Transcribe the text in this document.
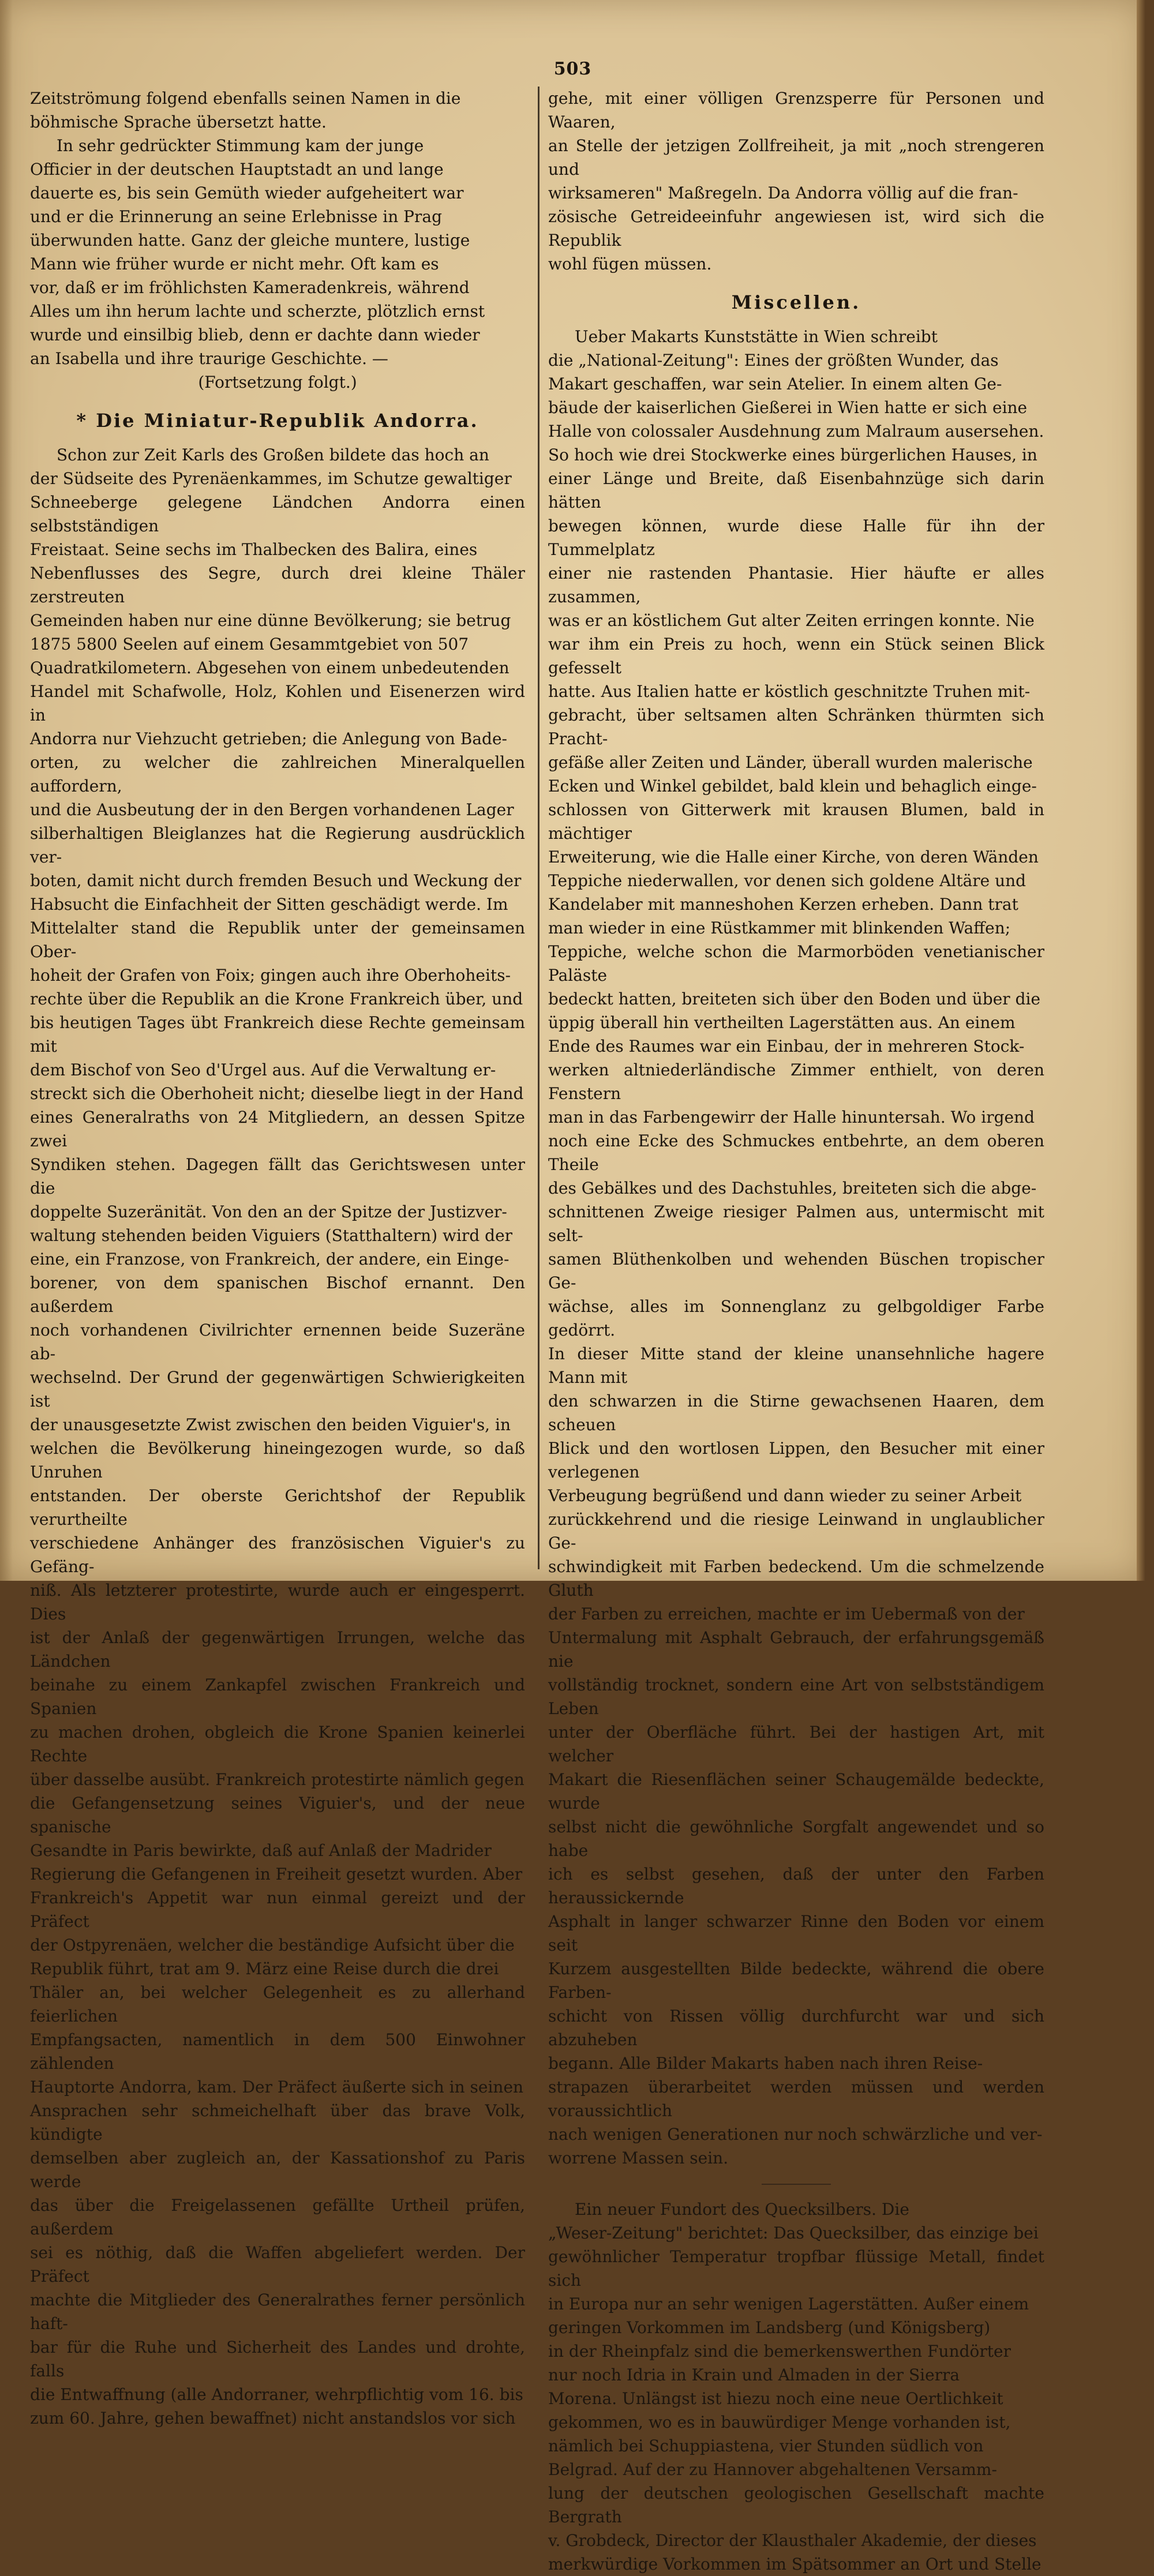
503

Zeitströmung folgend ebenfalls seinen Namen in die
böhmische Sprache übersetzt hatte.

In sehr gedrückter Stimmung kam der junge
Officier in der deutschen Hauptstadt an und lange
dauerte es, bis sein Gemüth wieder aufgeheitert war
und er die Erinnerung an seine Erlebnisse in Prag
überwunden hatte. Ganz der gleiche muntere, lustige
Mann wie früher wurde er nicht mehr. Oft kam es
vor, daß er im fröhlichsten Kameradenkreis, während
Alles um ihn herum lachte und scherzte, plötzlich ernst
wurde und einsilbig blieb, denn er dachte dann wieder
an Isabella und ihre traurige Geschichte. —

(Fortsetzung folgt.)
* Die Miniatur-Republik Andorra.

Schon zur Zeit Karls des Großen bildete das hoch an
der Südseite des Pyrenäenkammes, im Schutze gewaltiger
Schneeberge gelegene Ländchen Andorra einen selbstständigen
Freistaat. Seine sechs im Thalbecken des Balira, eines
Nebenflusses des Segre, durch drei kleine Thäler zerstreuten
Gemeinden haben nur eine dünne Bevölkerung; sie betrug
1875 5800 Seelen auf einem Gesammtgebiet von 507
Quadratkilometern. Abgesehen von einem unbedeutenden
Handel mit Schafwolle, Holz, Kohlen und Eisenerzen wird in
Andorra nur Viehzucht getrieben; die Anlegung von Bade-
orten, zu welcher die zahlreichen Mineralquellen auffordern,
und die Ausbeutung der in den Bergen vorhandenen Lager
silberhaltigen Bleiglanzes hat die Regierung ausdrücklich ver-
boten, damit nicht durch fremden Besuch und Weckung der
Habsucht die Einfachheit der Sitten geschädigt werde. Im
Mittelalter stand die Republik unter der gemeinsamen Ober-
hoheit der Grafen von Foix; gingen auch ihre Oberhoheits-
rechte über die Republik an die Krone Frankreich über, und
bis heutigen Tages übt Frankreich diese Rechte gemeinsam mit
dem Bischof von Seo d'Urgel aus. Auf die Verwaltung er-
streckt sich die Oberhoheit nicht; dieselbe liegt in der Hand
eines Generalraths von 24 Mitgliedern, an dessen Spitze zwei
Syndiken stehen. Dagegen fällt das Gerichtswesen unter die
doppelte Suzeränität. Von den an der Spitze der Justizver-
waltung stehenden beiden Viguiers (Statthaltern) wird der
eine, ein Franzose, von Frankreich, der andere, ein Einge-
borener, von dem spanischen Bischof ernannt. Den außerdem
noch vorhandenen Civilrichter ernennen beide Suzeräne ab-
wechselnd. Der Grund der gegenwärtigen Schwierigkeiten ist
der unausgesetzte Zwist zwischen den beiden Viguier's, in
welchen die Bevölkerung hineingezogen wurde, so daß Unruhen
entstanden. Der oberste Gerichtshof der Republik verurtheilte
verschiedene Anhänger des französischen Viguier's zu Gefäng-
niß. Als letzterer protestirte, wurde auch er eingesperrt. Dies
ist der Anlaß der gegenwärtigen Irrungen, welche das Ländchen
beinahe zu einem Zankapfel zwischen Frankreich und Spanien
zu machen drohen, obgleich die Krone Spanien keinerlei Rechte
über dasselbe ausübt. Frankreich protestirte nämlich gegen
die Gefangensetzung seines Viguier's, und der neue spanische
Gesandte in Paris bewirkte, daß auf Anlaß der Madrider
Regierung die Gefangenen in Freiheit gesetzt wurden. Aber
Frankreich's Appetit war nun einmal gereizt und der Präfect
der Ostpyrenäen, welcher die beständige Aufsicht über die
Republik führt, trat am 9. März eine Reise durch die drei
Thäler an, bei welcher Gelegenheit es zu allerhand feierlichen
Empfangsacten, namentlich in dem 500 Einwohner zählenden
Hauptorte Andorra, kam. Der Präfect äußerte sich in seinen
Ansprachen sehr schmeichelhaft über das brave Volk, kündigte
demselben aber zugleich an, der Kassationshof zu Paris werde
das über die Freigelassenen gefällte Urtheil prüfen, außerdem
sei es nöthig, daß die Waffen abgeliefert werden. Der Präfect
machte die Mitglieder des Generalrathes ferner persönlich haft-
bar für die Ruhe und Sicherheit des Landes und drohte, falls
die Entwaffnung (alle Andorraner, wehrpflichtig vom 16. bis
zum 60. Jahre, gehen bewaffnet) nicht anstandslos vor sich

gehe, mit einer völligen Grenzsperre für Personen und Waaren,
an Stelle der jetzigen Zollfreiheit, ja mit „noch strengeren und
wirksameren" Maßregeln. Da Andorra völlig auf die fran-
zösische Getreideeinfuhr angewiesen ist, wird sich die Republik
wohl fügen müssen.

Miscellen.

Ueber Makarts Kunststätte in Wien schreibt
die „National-Zeitung": Eines der größten Wunder, das
Makart geschaffen, war sein Atelier. In einem alten Ge-
bäude der kaiserlichen Gießerei in Wien hatte er sich eine
Halle von colossaler Ausdehnung zum Malraum ausersehen.
So hoch wie drei Stockwerke eines bürgerlichen Hauses, in
einer Länge und Breite, daß Eisenbahnzüge sich darin hätten
bewegen können, wurde diese Halle für ihn der Tummelplatz
einer nie rastenden Phantasie. Hier häufte er alles zusammen,
was er an köstlichem Gut alter Zeiten erringen konnte. Nie
war ihm ein Preis zu hoch, wenn ein Stück seinen Blick gefesselt
hatte. Aus Italien hatte er köstlich geschnitzte Truhen mit-
gebracht, über seltsamen alten Schränken thürmten sich Pracht-
gefäße aller Zeiten und Länder, überall wurden malerische
Ecken und Winkel gebildet, bald klein und behaglich einge-
schlossen von Gitterwerk mit krausen Blumen, bald in mächtiger
Erweiterung, wie die Halle einer Kirche, von deren Wänden
Teppiche niederwallen, vor denen sich goldene Altäre und
Kandelaber mit manneshohen Kerzen erheben. Dann trat
man wieder in eine Rüstkammer mit blinkenden Waffen;
Teppiche, welche schon die Marmorböden venetianischer Paläste
bedeckt hatten, breiteten sich über den Boden und über die
üppig überall hin vertheilten Lagerstätten aus. An einem
Ende des Raumes war ein Einbau, der in mehreren Stock-
werken altniederländische Zimmer enthielt, von deren Fenstern
man in das Farbengewirr der Halle hinuntersah. Wo irgend
noch eine Ecke des Schmuckes entbehrte, an dem oberen Theile
des Gebälkes und des Dachstuhles, breiteten sich die abge-
schnittenen Zweige riesiger Palmen aus, untermischt mit selt-
samen Blüthenkolben und wehenden Büschen tropischer Ge-
wächse, alles im Sonnenglanz zu gelbgoldiger Farbe gedörrt.
In dieser Mitte stand der kleine unansehnliche hagere Mann mit
den schwarzen in die Stirne gewachsenen Haaren, dem scheuen
Blick und den wortlosen Lippen, den Besucher mit einer verlegenen
Verbeugung begrüßend und dann wieder zu seiner Arbeit
zurückkehrend und die riesige Leinwand in unglaublicher Ge-
schwindigkeit mit Farben bedeckend. Um die schmelzende Gluth
der Farben zu erreichen, machte er im Uebermaß von der
Untermalung mit Asphalt Gebrauch, der erfahrungsgemäß nie
vollständig trocknet, sondern eine Art von selbstständigem Leben
unter der Oberfläche führt. Bei der hastigen Art, mit welcher
Makart die Riesenflächen seiner Schaugemälde bedeckte, wurde
selbst nicht die gewöhnliche Sorgfalt angewendet und so habe
ich es selbst gesehen, daß der unter den Farben heraussickernde
Asphalt in langer schwarzer Rinne den Boden vor einem seit
Kurzem ausgestellten Bilde bedeckte, während die obere Farben-
schicht von Rissen völlig durchfurcht war und sich abzuheben
begann. Alle Bilder Makarts haben nach ihren Reise-
strapazen überarbeitet werden müssen und werden voraussichtlich
nach wenigen Generationen nur noch schwärzliche und ver-
worrene Massen sein.

Ein neuer Fundort des Quecksilbers. Die
„Weser-Zeitung" berichtet: Das Quecksilber, das einzige bei
gewöhnlicher Temperatur tropfbar flüssige Metall, findet sich
in Europa nur an sehr wenigen Lagerstätten. Außer einem
geringen Vorkommen im Landsberg (und Königsberg)
in der Rheinpfalz sind die bemerkenswerthen Fundörter
nur noch Idria in Krain und Almaden in der Sierra
Morena. Unlängst ist hiezu noch eine neue Oertlichkeit
gekommen, wo es in bauwürdiger Menge vorhanden ist,
nämlich bei Schuppiastena, vier Stunden südlich von
Belgrad. Auf der zu Hannover abgehaltenen Versamm-
lung der deutschen geologischen Gesellschaft machte Bergrath
v. Grobdeck, Director der Klausthaler Akademie, der dieses
merkwürdige Vorkommen im Spätsommer an Ort und Stelle
